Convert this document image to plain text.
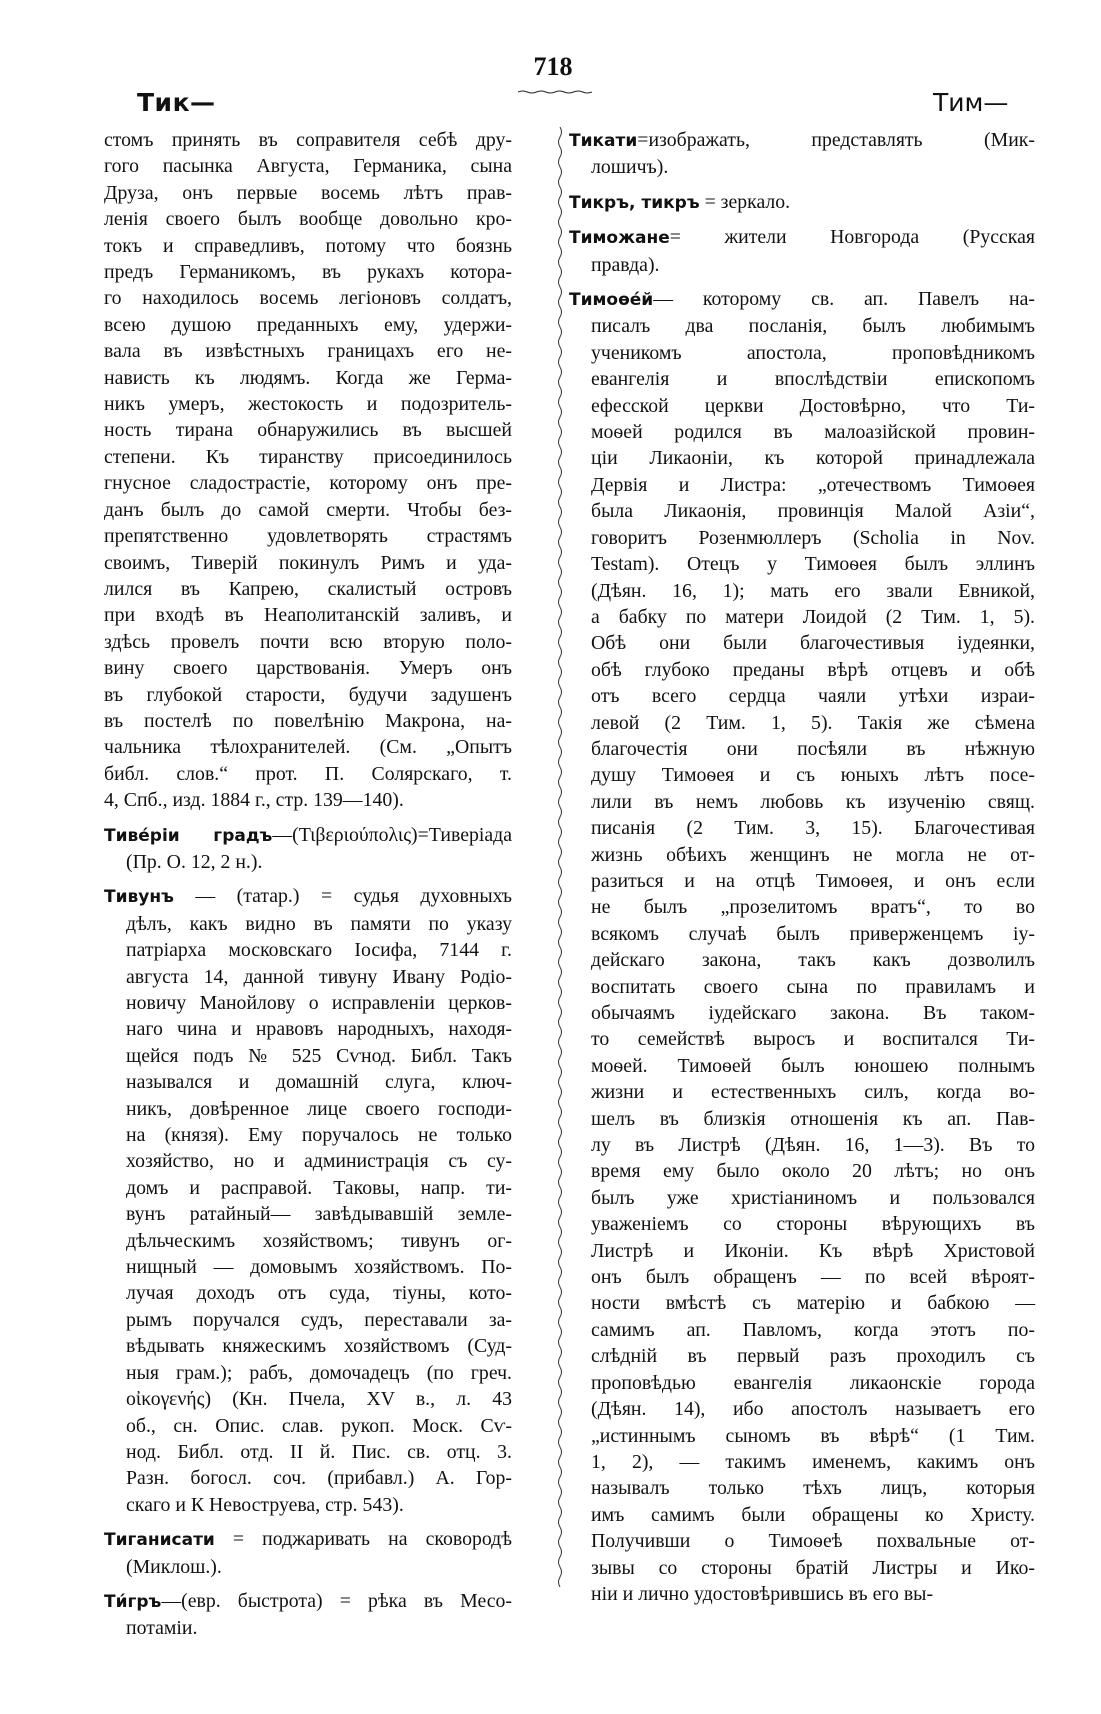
Тик—
718
Тим—
стомъ принять въ соправителя себѣ дру-
гого пасынка Августа, Германика, сына
Друза, онъ первые восемь лѣтъ прав-
ленія своего былъ вообще довольно кро-
токъ и справедливъ, потому что боязнь
предъ Германикомъ, въ рукахъ котора-
го находилось восемь легіоновъ солдатъ,
всею душою преданныхъ ему, удержи-
вала въ извѣстныхъ границахъ его не-
нависть къ людямъ. Когда же Герма-
никъ умеръ, жестокость и подозритель-
ность тирана обнаружились въ высшей
степени. Къ тиранству присоединилось
гнусное сладострастіе, которому онъ пре-
данъ былъ до самой смерти. Чтобы без-
препятственно удовлетворять страстямъ
своимъ, Тиверій покинулъ Римъ и уда-
лился въ Капрею, скалистый островъ
при входѣ въ Неаполитанскій заливъ, и
здѣсь провелъ почти всю вторую поло-
вину своего царствованія. Умеръ онъ
въ глубокой старости, будучи задушенъ
въ постелѣ по повелѣнію Макрона, на-
чальника тѣлохранителей. (См. „Опытъ
библ. слов.“ прот. П. Солярскаго, т.
4, Спб., изд. 1884 г., стр. 139—140).
Тиве́ріи градъ—(Τιβεριούπολις)=Тиверіада
(Пр. О. 12, 2 н.).
Тивунъ — (татар.) = судья духовныхъ
дѣлъ, какъ видно въ памяти по указу
патріарха московскаго Іосифа, 7144 г.
августа 14, данной тивуну Ивану Родіо-
новичу Манойлову о исправленіи церков-
наго чина и нравовъ народныхъ, находя-
щейся подъ № 525 Сѵнод. Библ. Такъ
назывался и домашній слуга, ключ-
никъ, довѣренное лице своего господи-
на (князя). Ему поручалось не только
хозяйство, но и администрація съ су-
домъ и расправой. Таковы, напр. ти-
вунъ ратайный— завѣдывавшій земле-
дѣльческимъ хозяйствомъ; тивунъ ог-
нищный — домовымъ хозяйствомъ. По-
лучая доходъ отъ суда, тіуны, кото-
рымъ поручался судъ, переставали за-
вѣдывать княжескимъ хозяйствомъ (Суд-
ныя грам.); рабъ, домочадецъ (по греч.
οἰκογενής) (Кн. Пчела, XV в., л. 43
об., сн. Опис. слав. рукоп. Моск. Сѵ-
нод. Библ. отд. II й. Пис. св. отц. 3.
Разн. богосл. соч. (прибавл.) А. Гор-
скаго и К Невоструева, стр. 543).
Тиганисати = поджаривать на сковородѣ
(Миклош.).
Ти́гръ—(евр. быстрота) = рѣка въ Месо-
потаміи.
Тикати=изображать, представлять (Мик-
лошичъ).
Тикръ, тикръ = зеркало.
Тиможане= жители Новгорода (Русская
правда).
Тимоѳе́й— которому св. ап. Павелъ на-
писалъ два посланія, былъ любимымъ
ученикомъ апостола, проповѣдникомъ
евангелія и впослѣдствіи епископомъ
ефесской церкви Достовѣрно, что Ти-
моѳей родился въ малоазійской провин-
ціи Ликаоніи, къ которой принадлежала
Дервія и Листра: „отечествомъ Тимоѳея
была Ликаонія, провинція Малой Азіи“,
говоритъ Розенмюллеръ (Scholia in Nov.
Testam). Отецъ у Тимоѳея былъ эллинъ
(Дѣян. 16, 1); мать его звали Евникой,
а бабку по матери Лоидой (2 Тим. 1, 5).
Обѣ они были благочестивыя іудеянки,
обѣ глубоко преданы вѣрѣ отцевъ и обѣ
отъ всего сердца чаяли утѣхи израи-
левой (2 Тим. 1, 5). Такія же сѣмена
благочестія они посѣяли въ нѣжную
душу Тимоѳея и съ юныхъ лѣтъ посе-
лили въ немъ любовь къ изученію свящ.
писанія (2 Тим. 3, 15). Благочестивая
жизнь обѣихъ женщинъ не могла не от-
разиться и на отцѣ Тимоѳея, и онъ если
не былъ „прозелитомъ вратъ“, то во
всякомъ случаѣ былъ приверженцемъ іу-
дейскаго закона, такъ какъ дозволилъ
воспитать своего сына по правиламъ и
обычаямъ іудейскаго закона. Въ таком-
то семействѣ выросъ и воспитался Ти-
моѳей. Тимоѳей былъ юношею полнымъ
жизни и естественныхъ силъ, когда во-
шелъ въ близкія отношенія къ ап. Пав-
лу въ Листрѣ (Дѣян. 16, 1—3). Въ то
время ему было около 20 лѣтъ; но онъ
былъ уже христіаниномъ и пользовался
уваженіемъ со стороны вѣрующихъ въ
Листрѣ и Иконіи. Къ вѣрѣ Христовой
онъ былъ обращенъ — по всей вѣроят-
ности вмѣстѣ съ матерію и бабкою —
самимъ ап. Павломъ, когда этотъ по-
слѣдній въ первый разъ проходилъ съ
проповѣдью евангелія ликаонскіе города
(Дѣян. 14), ибо апостолъ называетъ его
„истиннымъ сыномъ въ вѣрѣ“ (1 Тим.
1, 2), — такимъ именемъ, какимъ онъ
называлъ только тѣхъ лицъ, которыя
имъ самимъ были обращены ко Христу.
Получивши о Тимоѳеѣ похвальные от-
зывы со стороны братій Листры и Ико-
ніи и лично удостовѣрившись въ его вы-
